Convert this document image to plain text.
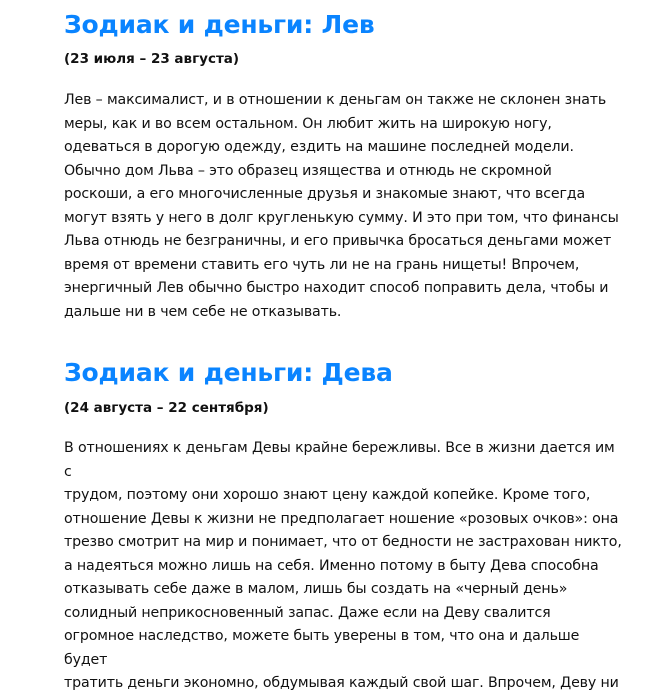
Зодиак и деньги: Лев

(23 июля – 23 августа)

Лев – максималист, и в отношении к деньгам он также не склонен знать
меры, как и во всем остальном. Он любит жить на широкую ногу,
одеваться в дорогую одежду, ездить на машине последней модели.
Обычно дом Льва – это образец изящества и отнюдь не скромной
роскоши, а его многочисленные друзья и знакомые знают, что всегда
могут взять у него в долг кругленькую сумму. И это при том, что финансы
Льва отнюдь не безграничны, и его привычка бросаться деньгами может
время от времени ставить его чуть ли не на грань нищеты! Впрочем,
энергичный Лев обычно быстро находит способ поправить дела, чтобы и
дальше ни в чем себе не отказывать.

Зодиак и деньги: Дева

(24 августа – 22 сентября)

В отношениях к деньгам Девы крайне бережливы. Все в жизни дается им с
трудом, поэтому они хорошо знают цену каждой копейке. Кроме того,
отношение Девы к жизни не предполагает ношение «розовых очков»: она
трезво смотрит на мир и понимает, что от бедности не застрахован никто,
а надеяться можно лишь на себя. Именно потому в быту Дева способна
отказывать себе даже в малом, лишь бы создать на «черный день»
солидный неприкосновенный запас. Даже если на Деву свалится
огромное наследство, можете быть уверены в том, что она и дальше будет
тратить деньги экономно, обдумывая каждый свой шаг. Впрочем, Деву ни
